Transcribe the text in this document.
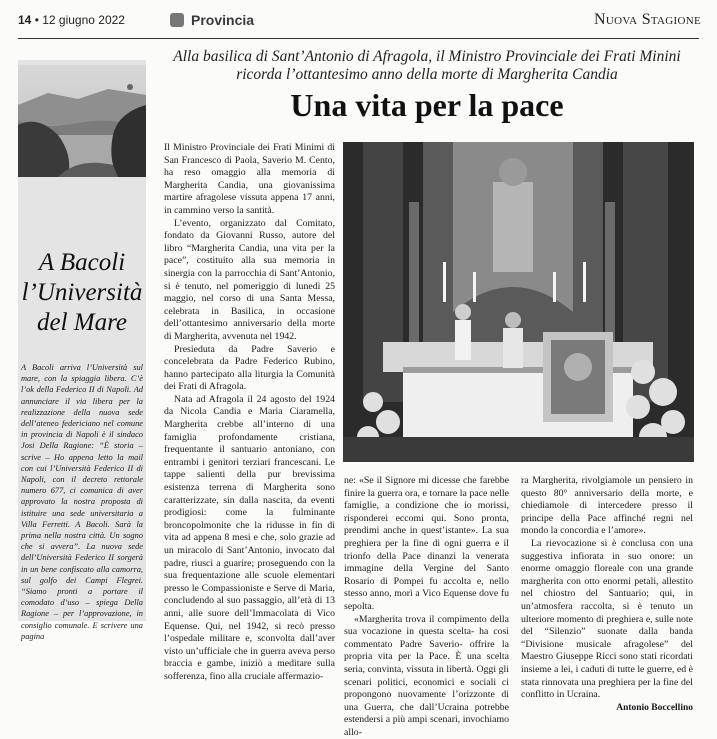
14 • 12 giugno 2022	Provincia	Nuova Stagione
A Bacoli l’Università del Mare

A Bacoli arriva l’Università sul mare, con la spiaggia libera. C’è l’ok della Federico II di Napoli. Ad annunciare il via libera per la realizzazione della nuova sede dell’ateneo federiciano nel comune in provincia di Napoli è il sindaco Josi Della Ragione: “È storia – scrive – Ho appena letto la mail con cui l’Università Federico II di Napoli, con il decreto rettorale numero 677, ci comunica di aver approvato la nostra proposta di istituire una sede universitaria a Villa Ferretti. A Bacoli. Sarà la prima nella nostra città. Un sogno che si avvera”. La nuova sede dell’Università Federico II sorgerà in un bene confiscato alla camorra, sul golfo dei Campi Flegrei. “Siamo pronti a portare il comodato d’uso – spiega Della Ragione – per l’approvazione, in consiglio comunale. E scrivere una pagina

Alla basilica di Sant’Antonio di Afragola, il Ministro Provinciale dei Frati Minini ricorda l’ottantesimo anno della morte di Margherita Candia
Una vita per la pace

Il Ministro Provinciale dei Frati Minimi di San Francesco di Paola, Saverio M. Cento, ha reso omaggio alla memoria di Margherita Candia, una giovanissima martire afragolese vissuta appena 17 anni, in cammino verso la santità.

L’evento, organizzato dal Comitato, fondato da Giovanni Russo, autore del libro “Margherita Candia, una vita per la pace”, costituito alla sua memoria in sinergia con la parrocchia di Sant’Antonio, si è tenuto, nel pomeriggio di lunedì 25 maggio, nel corso di una Santa Messa, celebrata in Basilica, in occasione dell’ottantesimo anniversario della morte di Margherita, avvenuta nel 1942.

Presieduta da Padre Saverio e concelebrata da Padre Federico Rubino, hanno partecipato alla liturgia la Comunità dei Frati di Afragola.

Nata ad Afragola il 24 agosto del 1924 da Nicola Candia e Maria Ciaramella, Margherita crebbe all’interno di una famiglia profondamente cristiana, frequentante il santuario antoniano, con entrambi i genitori terziari francescani. Le tappe salienti della pur brevissima esistenza terrena di Margherita sono caratterizzate, sin dalla nascita, da eventi prodigiosi: come la fulminante broncopolmonite che la ridusse in fin di vita ad appena 8 mesi e che, solo grazie ad un miracolo di Sant’Antonio, invocato dal padre, riuscì a guarire; proseguendo con la sua frequentazione alle scuole elementari presso le Compassioniste e Serve di Maria, concludendo al suo passaggio, all’età di 13 anni, alle suore dell’Immacolata di Vico Equense. Qui, nel 1942, si recò presso l’ospedale militare e, sconvolta dall’aver visto un’ufficiale che in guerra aveva perso braccia e gambe, iniziò a meditare sulla sofferenza, fino alla cruciale affermazio-

ne: «Se il Signore mi dicesse che farebbe finire la guerra ora, e tornare la pace nelle famiglie, a condizione che io morissi, risponderei eccomi qui. Sono pronta, prendimi anche in quest’istante». La sua preghiera per la fine di ogni guerra e il trionfo della Pace dinanzi la venerata immagine della Vergine del Santo Rosario di Pompei fu accolta e, nello stesso anno, morì a Vico Equense dove fu sepolta.

«Margherita trova il compimento della sua vocazione in questa scelta- ha così commentato Padre Saverio- offrire la propria vita per la Pace. È una scelta seria, convinta, vissuta in libertà. Oggi gli scenari politici, economici e sociali ci propongono nuovamente l’orizzonte di una Guerra, che dall’Ucraina potrebbe estendersi a più ampi scenari, invochiamo allo-

ra Margherita, rivolgiamole un pensiero in questo 80° anniversario della morte, e chiediamole di intercedere presso il principe della Pace affinché regni nel mondo la concordia e l’amore».

La rievocazione si è conclusa con una suggestiva infiorata in suo onore: un enorme omaggio floreale con una grande margherita con otto enormi petali, allestito nel chiostro del Santuario; qui, in un’atmosfera raccolta, si è tenuto un ulteriore momento di preghiera e, sulle note del “Silenzio” suonate dalla banda “Divisione musicale afragolese” del Maestro Giuseppe Ricci sono stati ricordati insieme a lei, i caduti di tutte le guerre, ed è stata rinnovata una preghiera per la fine del conflitto in Ucraina.

Antonio Boccellino
